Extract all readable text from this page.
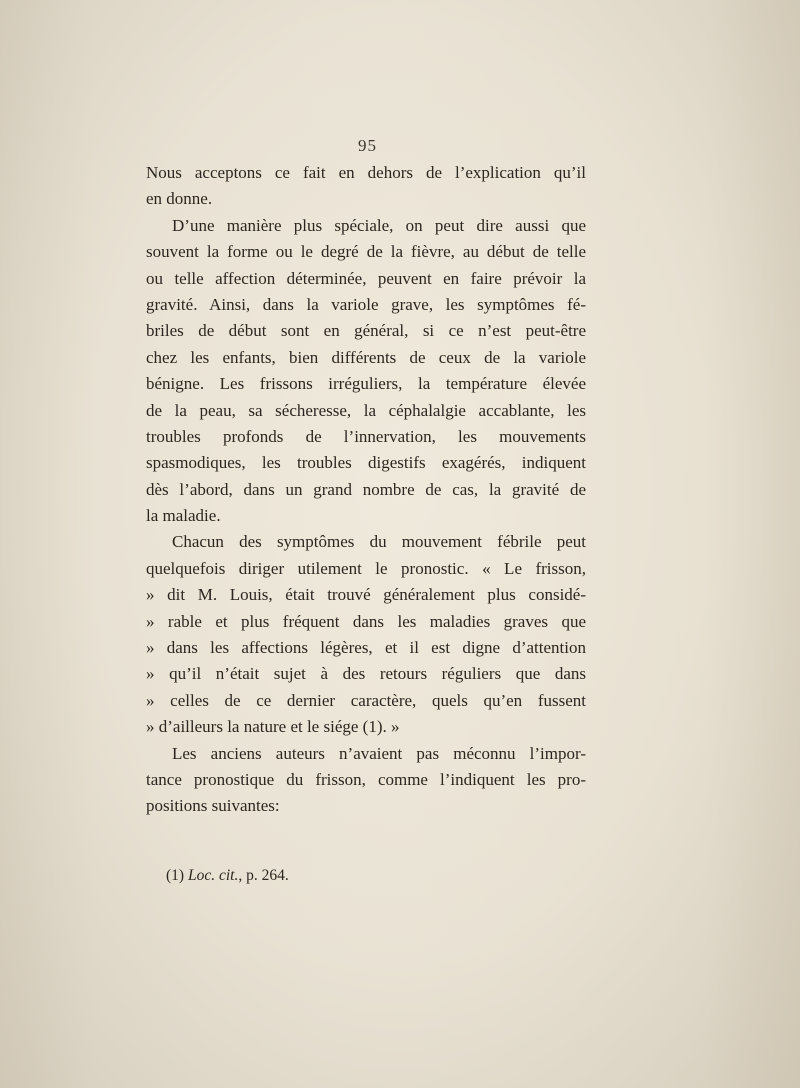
95
Nous acceptons ce fait en dehors de l’explication qu’il
en donne.
D’une manière plus spéciale, on peut dire aussi que
souvent la forme ou le degré de la fièvre, au début de telle
ou telle affection déterminée, peuvent en faire prévoir la
gravité. Ainsi, dans la variole grave, les symptômes fé-
briles de début sont en général, si ce n’est peut-être
chez les enfants, bien différents de ceux de la variole
bénigne. Les frissons irréguliers, la température élevée
de la peau, sa sécheresse, la céphalalgie accablante, les
troubles profonds de l’innervation, les mouvements
spasmodiques, les troubles digestifs exagérés, indiquent
dès l’abord, dans un grand nombre de cas, la gravité de
la maladie.
Chacun des symptômes du mouvement fébrile peut
quelquefois diriger utilement le pronostic. « Le frisson,
» dit M. Louis, était trouvé généralement plus considé-
» rable et plus fréquent dans les maladies graves que
» dans les affections légères, et il est digne d’attention
» qu’il n’était sujet à des retours réguliers que dans
» celles de ce dernier caractère, quels qu’en fussent
» d’ailleurs la nature et le siége (1). »
Les anciens auteurs n’avaient pas méconnu l’impor-
tance pronostique du frisson, comme l’indiquent les pro-
positions suivantes:
(1) Loc. cit., p. 264.
